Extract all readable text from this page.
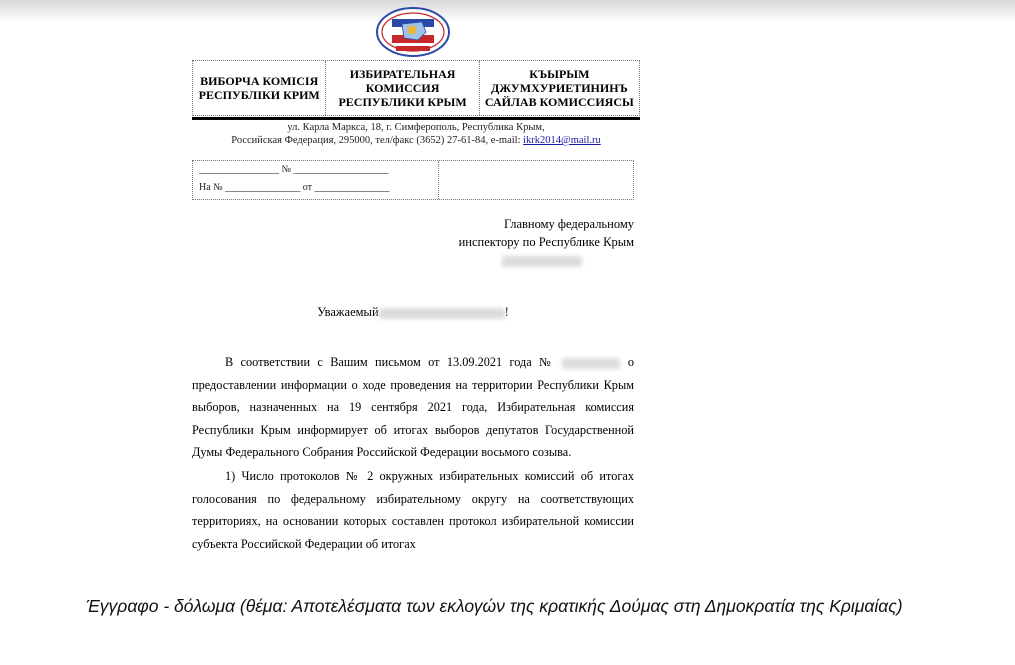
ВИБОРЧА КОМІСІЯ РЕСПУБЛІКИ КРИМ
ИЗБИРАТЕЛЬНАЯ КОМИССИЯ РЕСПУБЛИКИ КРЫМ
КЪЫРЫМ ДЖУМХУРИЕТИНИНЪ САЙЛАВ КОМИССИЯСЫ
ул. Карла Маркса, 18, г. Симферополь, Республика Крым,
Российская Федерация, 295000, тел/факс (3652) 27-61-84, e-mail: ikrk2014@mail.ru
________________ № ___________________
На № _______________ от _______________
Главному федеральному
инспектору по Республике Крым
Уважаемый	!

В соответствии с Вашим письмом от 13.09.2021 года №	о предоставлении информации о ходе проведения на территории Республики Крым выборов, назначенных на 19 сентября 2021 года, Избирательная комиссия Республики Крым информирует об итогах выборов депутатов Государственной Думы Федерального Собрания Российской Федерации восьмого созыва.

1) Число протоколов № 2 окружных избирательных комиссий об итогах голосования по федеральному избирательному округу на соответствующих территориях, на основании которых составлен протокол избирательной комиссии субъекта Российской Федерации об итогах

Έγγραφο - δόλωμα (θέμα: Αποτελέσματα των εκλογών της κρατικής Δούμας στη Δημοκρατία της Κριμαίας)
